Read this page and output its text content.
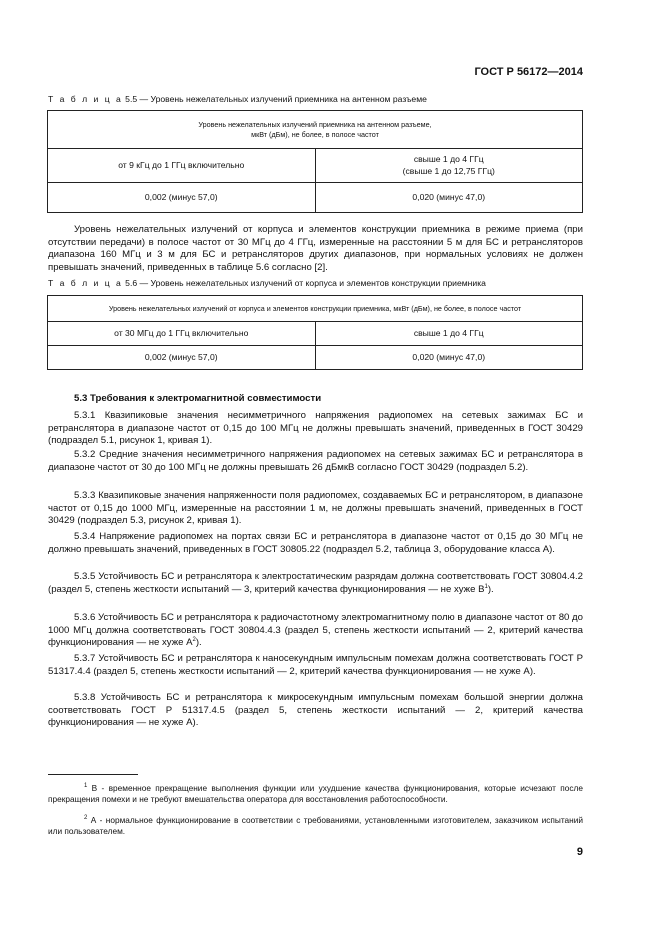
ГОСТ Р 56172—2014
Т а б л и ц а 5.5 — Уровень нежелательных излучений приемника на антенном разъеме
Уровень нежелательных излучений приемника на антенном разъеме,
мкВт (дБм), не более, в полосе частот	

от 9 кГц до 1 ГГц включительно	свыше 1 до 4 ГГц
(свыше 1 до 12,75 ГГц)

0,002 (минус 57,0)	0,020 (минус 47,0)

Уровень нежелательных излучений от корпуса и элементов конструкции приемника в режиме приема (при отсутствии передачи) в полосе частот от 30 МГц до 4 ГГц, измеренные на расстоянии 5 м для БС и ретрансляторов диапазона 160 МГц и 3 м для БС и ретрансляторов других диапазонов, при нормальных условиях не должен превышать значений, приведенных в таблице 5.6 согласно [2].

Т а б л и ц а 5.6 — Уровень нежелательных излучений от корпуса и элементов конструкции приемника
Уровень нежелательных излучений от корпуса и элементов конструкции приемника, мкВт (дБм), не более, в полосе частот	
от 30 МГц до 1 ГГц включительно	свыше 1 до 4 ГГц
0,002 (минус 57,0)	0,020 (минус 47,0)
5.3 Требования к электромагнитной совместимости

5.3.1 Квазипиковые значения несимметричного напряжения радиопомех на сетевых зажимах БС и ретранслятора в диапазоне частот от 0,15 до 100 МГц не должны превышать значений, приведенных в ГОСТ 30429 (подраздел 5.1, рисунок 1, кривая 1).

5.3.2 Средние значения несимметричного напряжения радиопомех на сетевых зажимах БС и ретранслятора в диапазоне частот от 30 до 100 МГц не должны превышать 26 дБмкВ согласно ГОСТ 30429 (подраздел 5.2).

5.3.3 Квазипиковые значения напряженности поля радиопомех, создаваемых БС и ретранслятором, в диапазоне частот от 0,15 до 1000 МГц, измеренные на расстоянии 1 м, не должны превышать значений, приведенных в ГОСТ 30429 (подраздел 5.3, рисунок 2, кривая 1).

5.3.4 Напряжение радиопомех на портах связи БС и ретранслятора в диапазоне частот от 0,15 до 30 МГц не должно превышать значений, приведенных в ГОСТ 30805.22 (подраздел 5.2, таблица 3, оборудование класса А).

5.3.5 Устойчивость БС и ретранслятора к электростатическим разрядам должна соответствовать ГОСТ 30804.4.2 (раздел 5, степень жесткости испытаний — 3, критерий качества функционирования — не хуже $В^1$).

5.3.6 Устойчивость БС и ретранслятора к радиочастотному электромагнитному полю в диапазоне частот от 80 до 1000 МГц должна соответствовать ГОСТ 30804.4.3 (раздел 5, степень жесткости испытаний — 2, критерий качества функционирования — не хуже $А^2$).

5.3.7 Устойчивость БС и ретранслятора к наносекундным импульсным помехам должна соответствовать ГОСТ Р 51317.4.4 (раздел 5, степень жесткости испытаний — 2, критерий качества функционирования — не хуже А).

5.3.8 Устойчивость БС и ретранслятора к микросекундным импульсным помехам большой энергии должна соответствовать ГОСТ Р 51317.4.5 (раздел 5, степень жесткости испытаний — 2, критерий качества функционирования — не хуже А).

$^1$ В - временное прекращение выполнения функции или ухудшение качества функционирования, которые исчезают после прекращения помехи и не требуют вмешательства оператора для восстановления работоспособности.

$^2$ А - нормальное функционирование в соответствии с требованиями, установленными изготовителем, заказчиком испытаний или пользователем.

9
